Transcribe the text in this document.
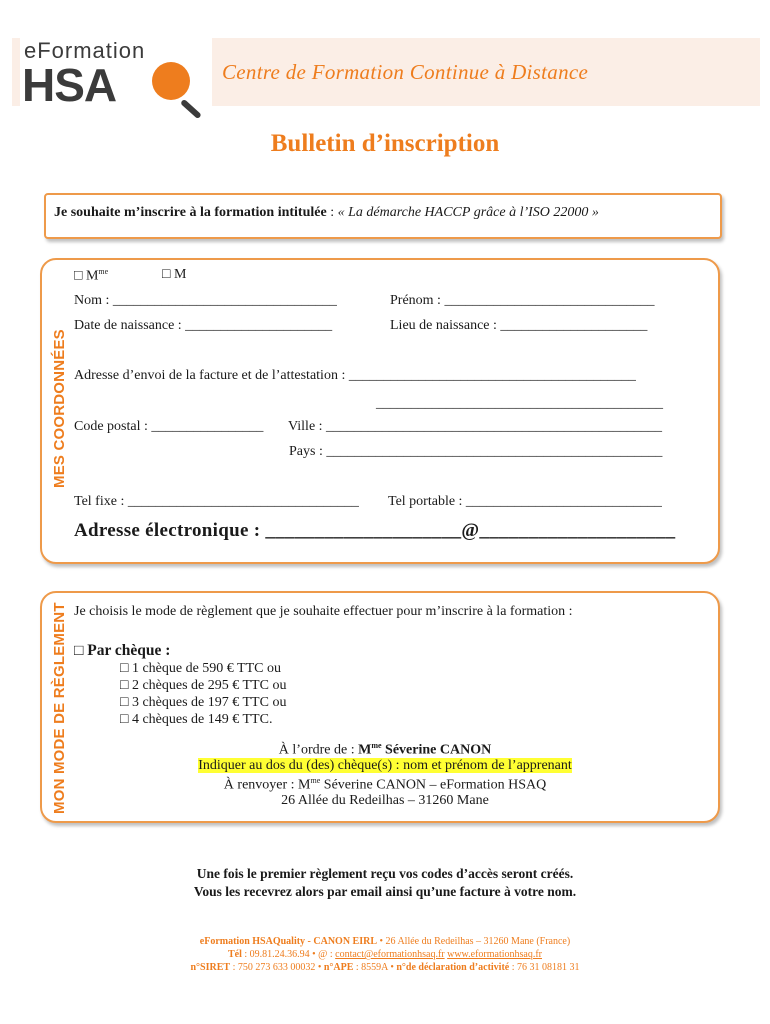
eFormation
HSA	Centre de Formation Continue à Distance
Bulletin d’inscription
Je souhaite m’inscrire à la formation intitulée : « La démarche HACCP grâce à l’ISO 22000 »
MES COORDONNÉES
□ $M^{me}$	□ M
Nom : ________________________________	Prénom : ______________________________
Date de naissance : _____________________	Lieu de naissance : _____________________
Adresse d’envoi de la facture et de l’attestation : _________________________________________
_________________________________________
Code postal : ________________ Ville : ________________________________________________
Pays : ________________________________________________
Tel fixe : _________________________________ Tel portable : ____________________________
Adresse électronique : ____________________@____________________
MON MODE DE RÈGLEMENT Je choisis le mode de règlement que je souhaite effectuer pour m’inscrire à la formation :
□ Par chèque :
□ 1 chèque de 590 € TTC ou
□ 2 chèques de 295 € TTC ou
□ 3 chèques de 197 € TTC ou
□ 4 chèques de 149 € TTC.
À l’ordre de : $M^{me}$ Séverine CANON
Indiquer au dos du (des) chèque(s) : nom et prénom de l’apprenant
À renvoyer : $M^{me}$ Séverine CANON – eFormation HSAQ
26 Allée du Redeilhas – 31260 Mane
Une fois le premier règlement reçu vos codes d’accès seront créés.
Vous les recevrez alors par email ainsi qu’une facture à votre nom.
eFormation HSAQuality - CANON EIRL • 26 Allée du Redeilhas – 31260 Mane (France)
Tél : 09.81.24.36.94 • @ : contact@eformationhsaq.fr www.eformationhsaq.fr
n°SIRET : 750 273 633 00032 • n°APE : 8559A • n°de déclaration d’activité : 76 31 08181 31
